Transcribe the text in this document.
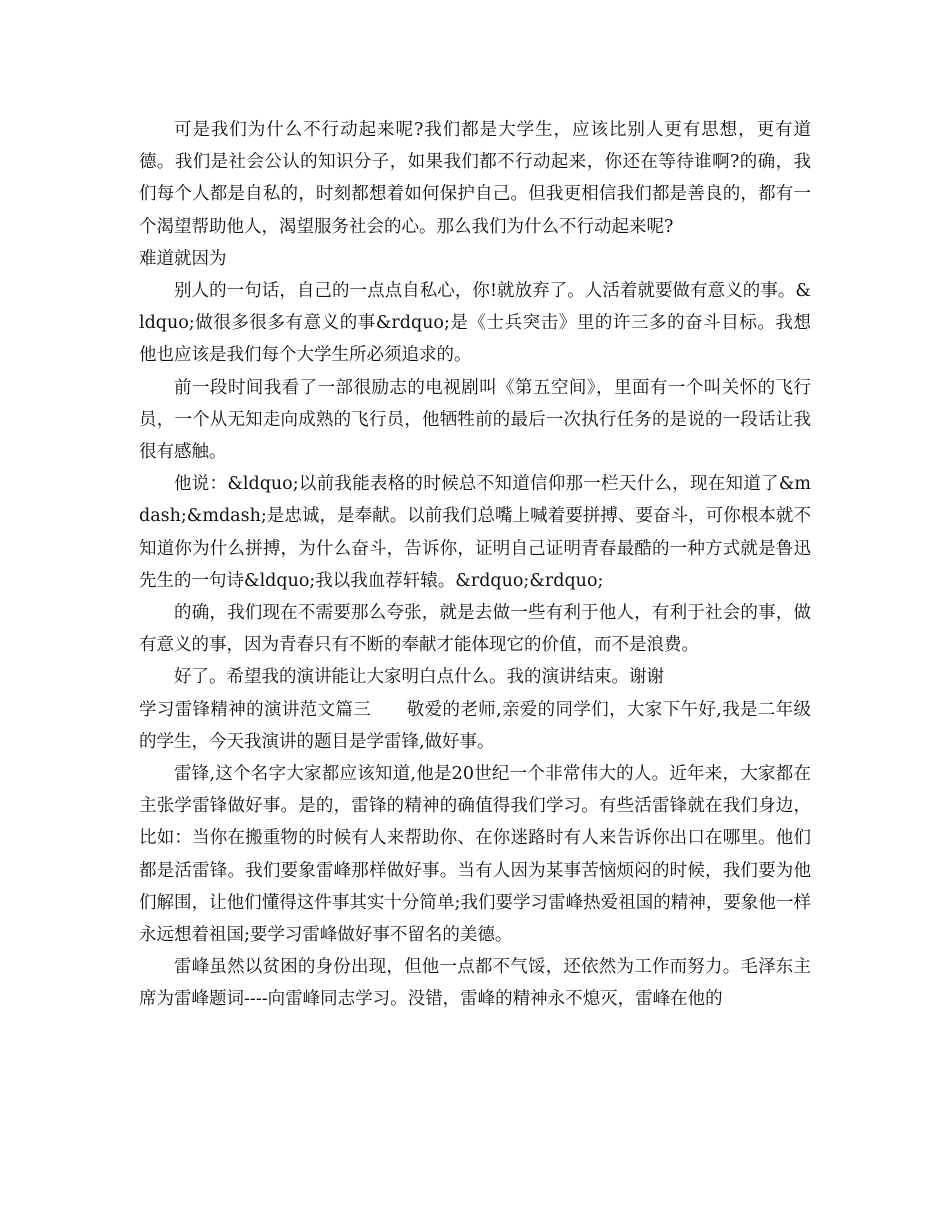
可是我们为什么不行动起来呢?我们都是大学生，应该比别人更有思想，更有道德。我们是社会公认的知识分子，如果我们都不行动起来，你还在等待谁啊?的确，我们每个人都是自私的，时刻都想着如何保护自己。但我更相信我们都是善良的，都有一个渴望帮助他人，渴望服务社会的心。那么我们为什么不行动起来呢?

难道就因为

别人的一句话，自己的一点点自私心，你!就放弃了。人活着就要做有意义的事。&ldquo;做很多很多有意义的事&rdquo;是《士兵突击》里的许三多的奋斗目标。我想他也应该是我们每个大学生所必须追求的。

前一段时间我看了一部很励志的电视剧叫《第五空间》，里面有一个叫关怀的飞行员，一个从无知走向成熟的飞行员，他牺牲前的最后一次执行任务的是说的一段话让我很有感触。

他说：&ldquo;以前我能表格的时候总不知道信仰那一栏天什么，现在知道了&mdash;&mdash;是忠诚，是奉献。以前我们总嘴上喊着要拼搏、要奋斗，可你根本就不知道你为什么拼搏，为什么奋斗，告诉你，证明自己证明青春最酷的一种方式就是鲁迅先生的一句诗&ldquo;我以我血荐轩辕。&rdquo;&rdquo;

的确，我们现在不需要那么夸张，就是去做一些有利于他人，有利于社会的事，做有意义的事，因为青春只有不断的奉献才能体现它的价值，而不是浪费。

好了。希望我的演讲能让大家明白点什么。我的演讲结束。谢谢

学习雷锋精神的演讲范文篇三　　敬爱的老师,亲爱的同学们，大家下午好,我是二年级的学生，今天我演讲的题目是学雷锋,做好事。

雷锋,这个名字大家都应该知道,他是20世纪一个非常伟大的人。近年来，大家都在主张学雷锋做好事。是的，雷锋的精神的确值得我们学习。有些活雷锋就在我们身边，比如：当你在搬重物的时候有人来帮助你、在你迷路时有人来告诉你出口在哪里。他们都是活雷锋。我们要象雷峰那样做好事。当有人因为某事苦恼烦闷的时候，我们要为他们解围，让他们懂得这件事其实十分简单;我们要学习雷峰热爱祖国的精神，要象他一样永远想着祖国;要学习雷峰做好事不留名的美德。

雷峰虽然以贫困的身份出现，但他一点都不气馁，还依然为工作而努力。毛泽东主席为雷峰题词----向雷峰同志学习。没错，雷峰的精神永不熄灭，雷峰在他的
